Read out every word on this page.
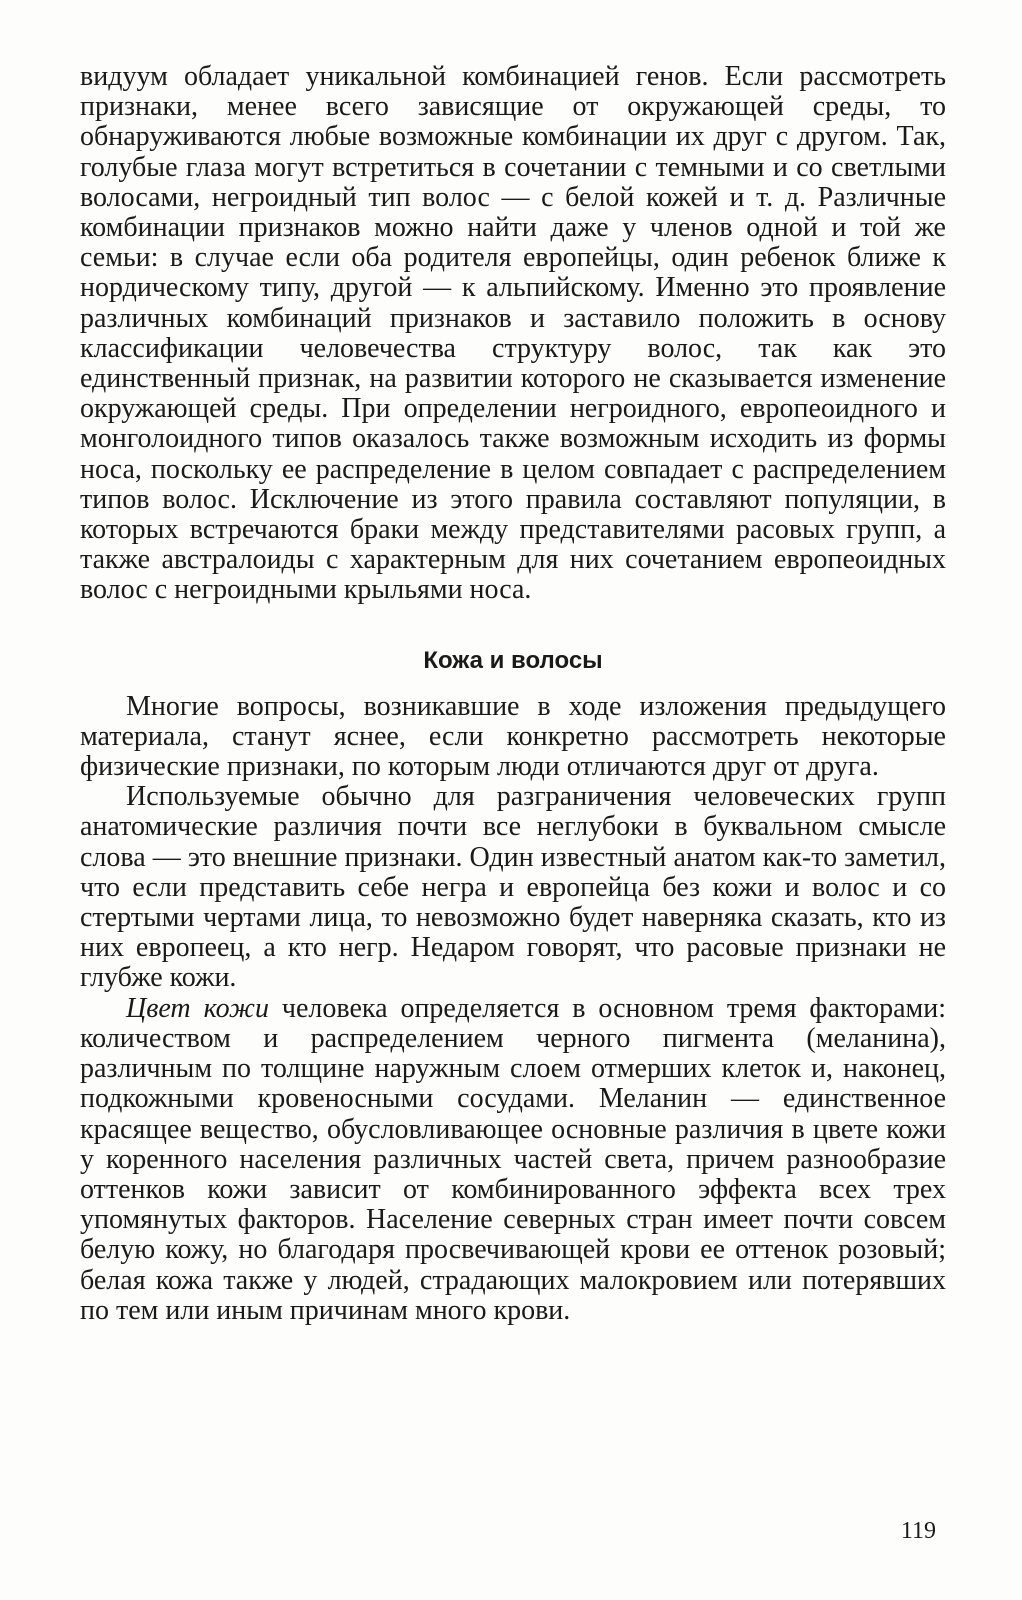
видуум обладает уникальной комбинацией генов. Если рассмотреть признаки, менее всего зависящие от окружающей среды, то обнаруживаются любые возможные комбинации их друг с другом. Так, голубые глаза могут встретиться в сочетании с темными и со светлыми волосами, негроидный тип волос — с белой кожей и т. д. Различные комбинации признаков можно найти даже у членов одной и той же семьи: в случае если оба родителя европейцы, один ребенок ближе к нордическому типу, другой — к альпийскому. Именно это проявление различных комбинаций признаков и заставило положить в основу классификации человечества структуру волос, так как это единственный признак, на развитии которого не сказывается изменение окружающей среды. При определении негроидного, европеоидного и монголоидного типов оказалось также возможным исходить из формы носа, поскольку ее распределение в целом совпадает с распределением типов волос. Исключение из этого правила составляют популяции, в которых встречаются браки между представителями расовых групп, а также австралоиды с характерным для них сочетанием европеоидных волос с негроидными крыльями носа.

Кожа и волосы

Многие вопросы, возникавшие в ходе изложения предыдущего материала, станут яснее, если конкретно рассмотреть некоторые физические признаки, по которым люди отличаются друг от друга.

Используемые обычно для разграничения человеческих групп анатомические различия почти все неглубоки в буквальном смысле слова — это внешние признаки. Один известный анатом как-то заметил, что если представить себе негра и европейца без кожи и волос и со стертыми чертами лица, то невозможно будет наверняка сказать, кто из них европеец, а кто негр. Недаром говорят, что расовые признаки не глубже кожи.

Цвет кожи человека определяется в основном тремя факторами: количеством и распределением черного пигмента (меланина), различным по толщине наружным слоем отмерших клеток и, наконец, подкожными кровеносными сосудами. Меланин — единственное красящее вещество, обусловливающее основные различия в цвете кожи у коренного населения различных частей света, причем разнообразие оттенков кожи зависит от комбинированного эффекта всех трех упомянутых факторов. Население северных стран имеет почти совсем белую кожу, но благодаря просвечивающей крови ее оттенок розовый; белая кожа также у людей, страдающих малокровием или потерявших по тем или иным причинам много крови.

119
